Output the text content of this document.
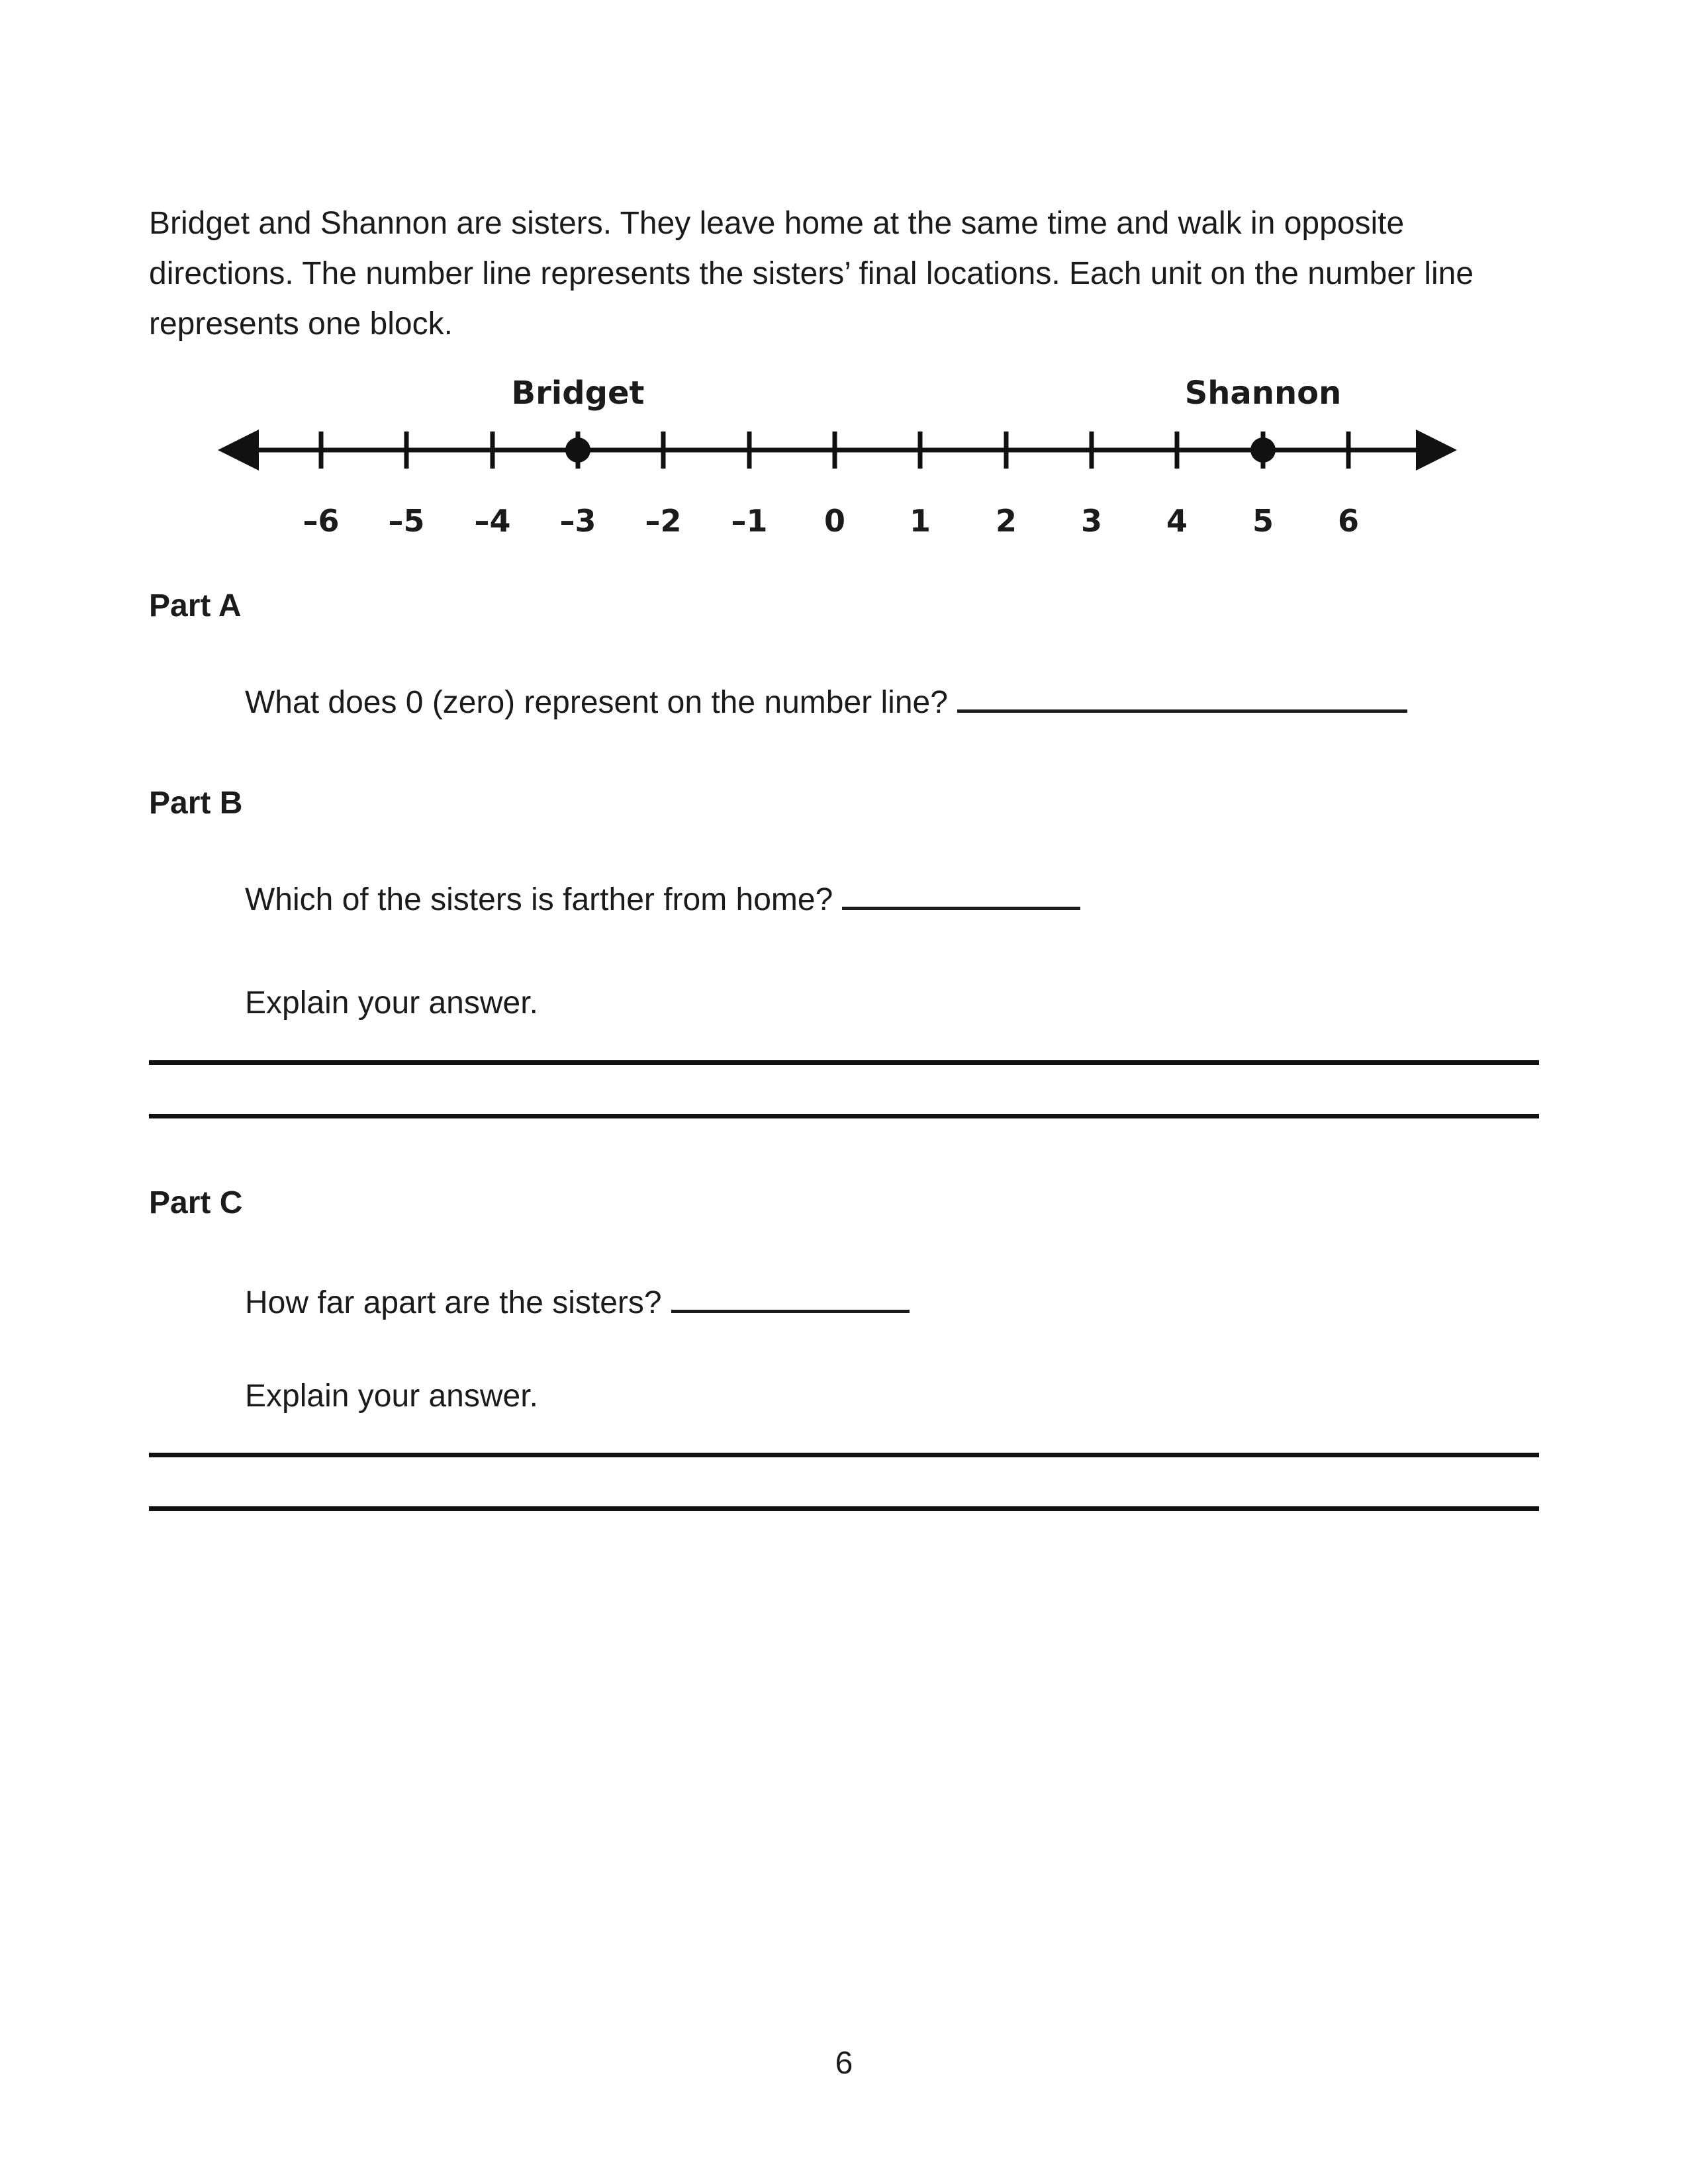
Bridget and Shannon are sisters. They leave home at the same time and walk in opposite directions. The number line represents the sisters’ final locations. Each unit on the number line represents one block.

Bridget	Shannon
–6 –5 –4 –3 –2 –1 0 1 2 3 4 5 6
Part A

What does 0 (zero) represent on the number line?

Part B

Which of the sisters is farther from home?

Explain your answer.

Part C

How far apart are the sisters?

Explain your answer.

6
